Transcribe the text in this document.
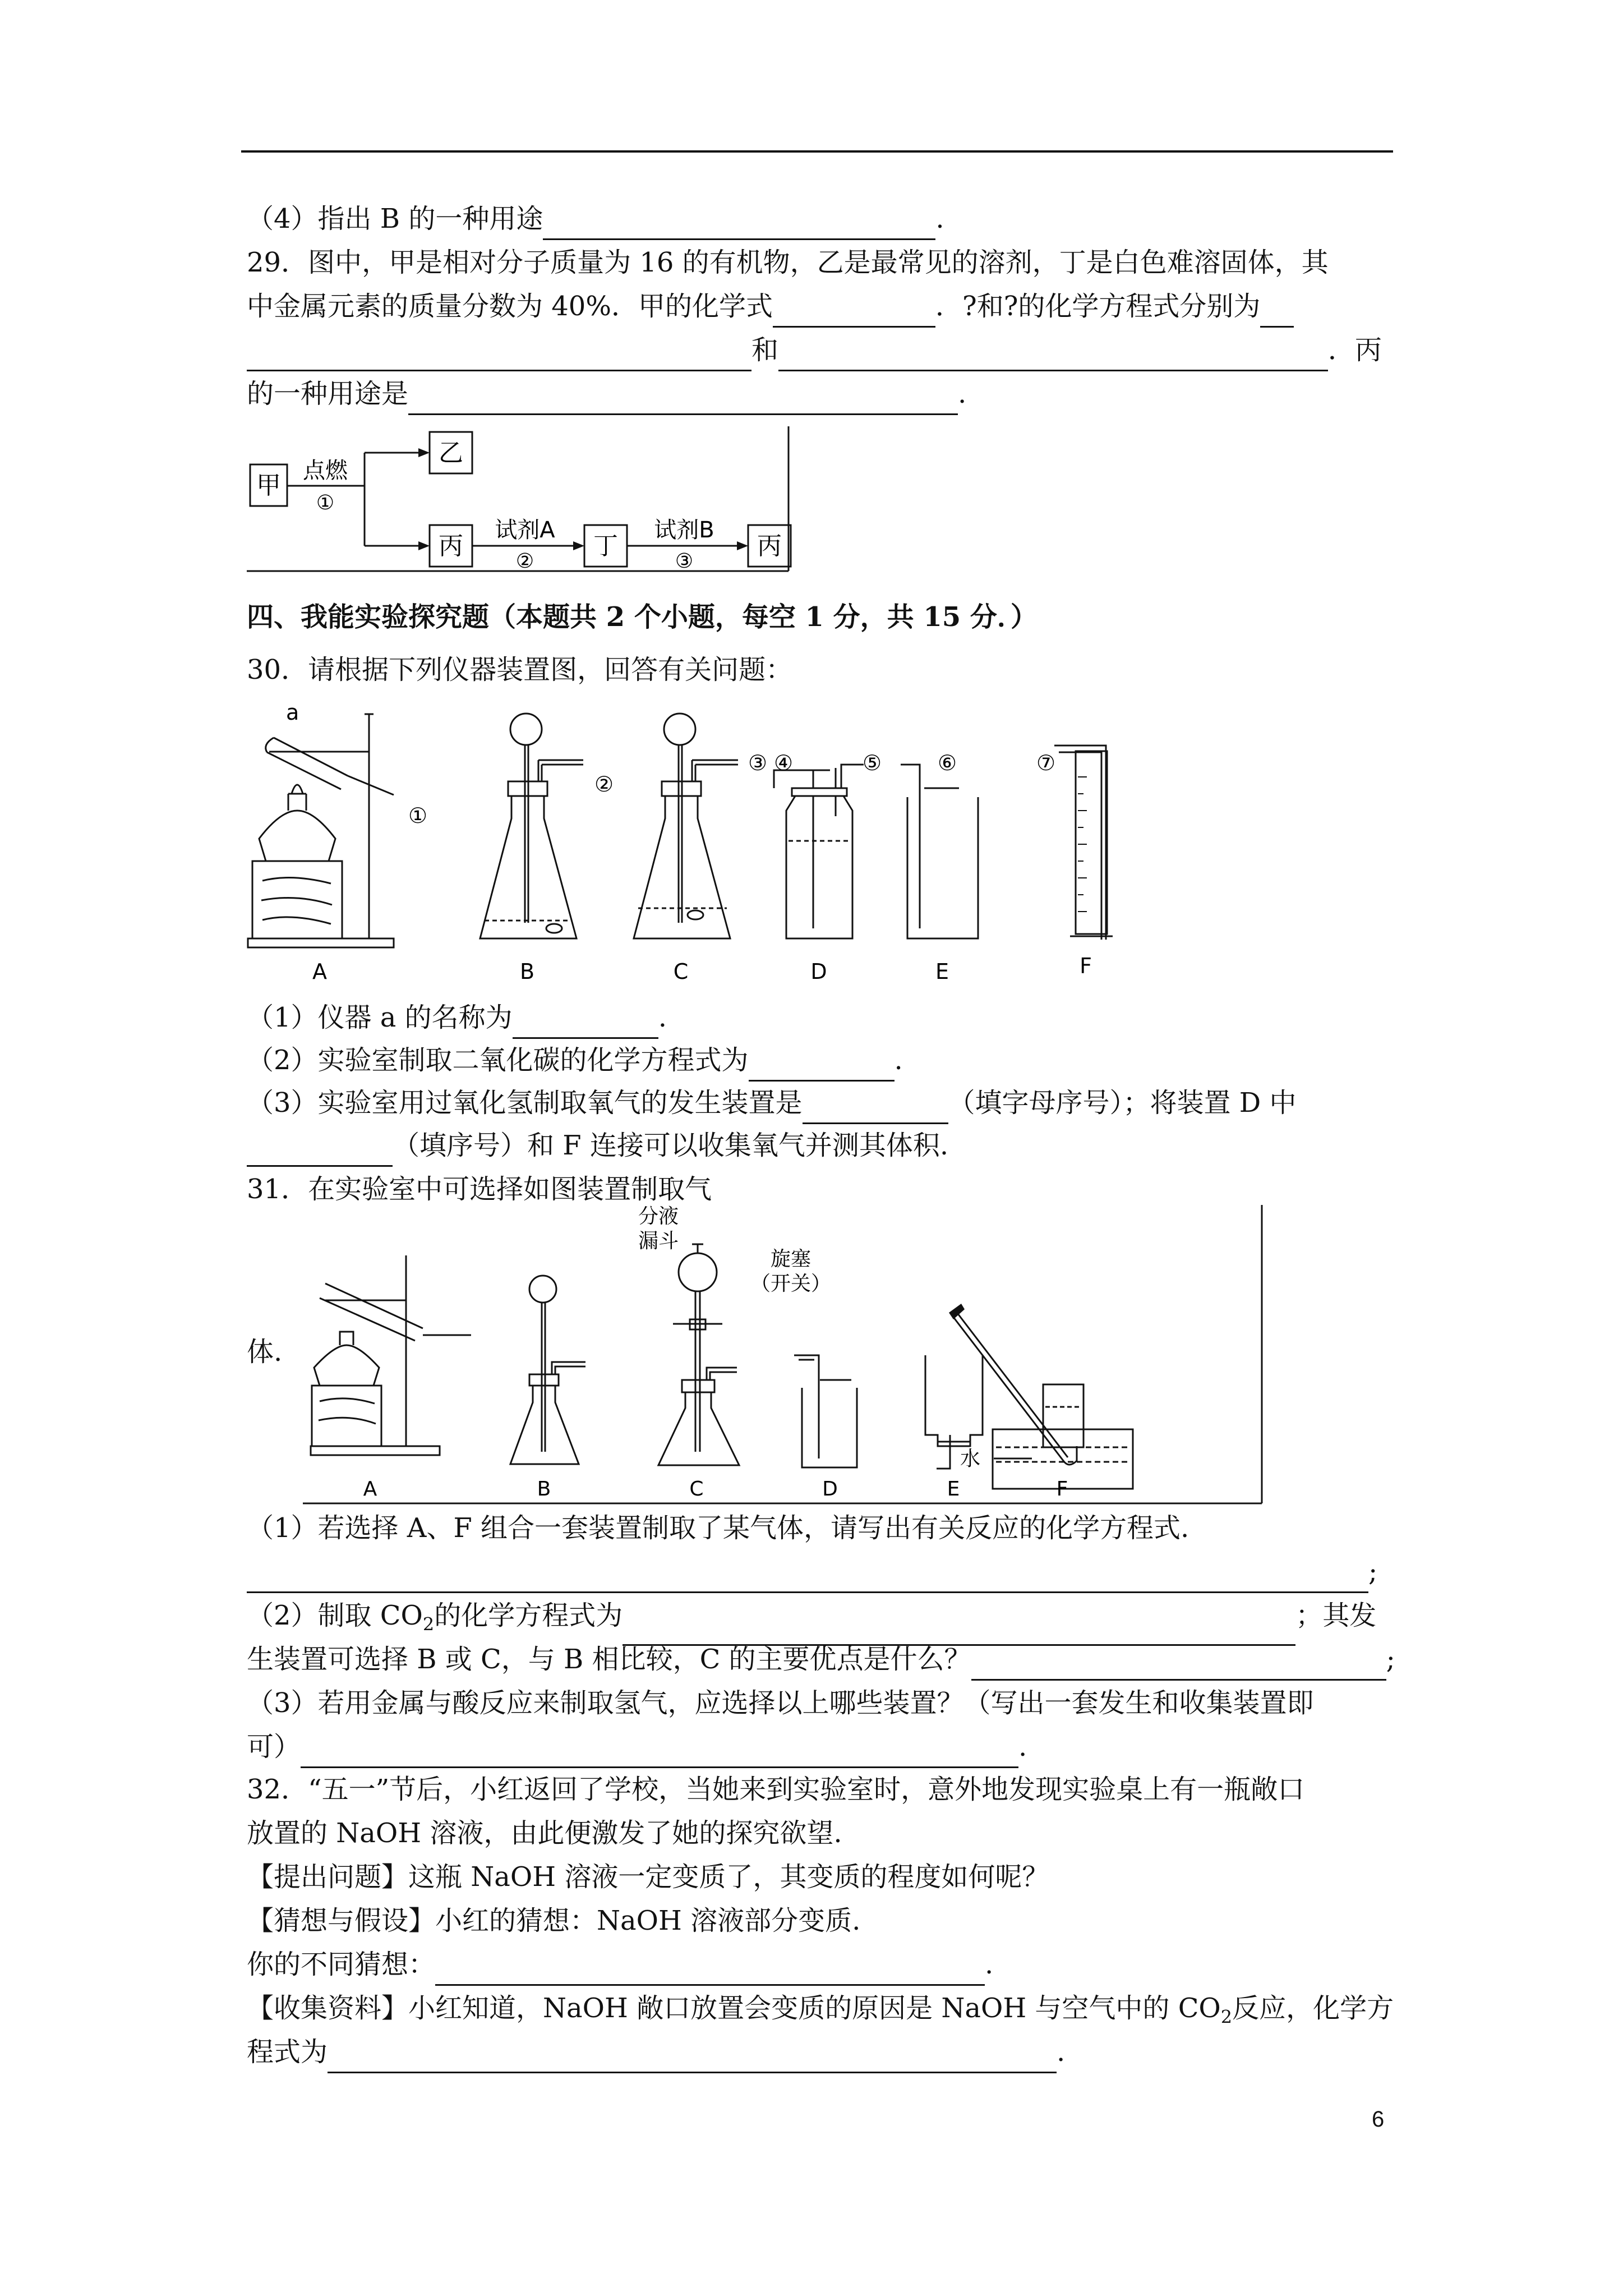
（4）指出 B 的一种用途	.
29．图中，甲是相对分子质量为 16 的有机物，乙是最常见的溶剂，丁是白色难溶固体，其
中金属元素的质量分数为 40%．甲的化学式	．?和?的化学方程式分别为
和	．丙
的一种用途是	.
甲
点燃
①
乙
丙
试剂A
②
丁
试剂B
③
丙
四、我能实验探究题（本题共 2 个小题，每空 1 分，共 15 分．）
30．请根据下列仪器装置图，回答有关问题：
a
①
②
③ ④	⑤	⑥	⑦
A	B	C	D	E	F
（1）仪器 a 的名称为	.
（2）实验室制取二氧化碳的化学方程式为	.
（3）实验室用过氧化氢制取氧气的发生装置是	（填字母序号）；将装置 D 中
（填序号）和 F 连接可以收集氧气并测其体积.
31．在实验室中可选择如图装置制取气
体.
分液
漏斗
旋塞
（开关）
水
A	B	C	D	E	F
（1）若选择 A、F 组合一套装置制取了某气体，请写出有关反应的化学方程式.
;
（2）制取 $CO_2$的化学方程式为	；其发
生装置可选择 B 或 C，与 B 相比较，C 的主要优点是什么？	;
（3）若用金属与酸反应来制取氢气，应选择以上哪些装置？（写出一套发生和收集装置即
可）	.
32．“五一”节后，小红返回了学校，当她来到实验室时，意外地发现实验桌上有一瓶敞口
放置的 NaOH 溶液，由此便激发了她的探究欲望.
【提出问题】这瓶 NaOH 溶液一定变质了，其变质的程度如何呢？
【猜想与假设】小红的猜想：NaOH 溶液部分变质.
你的不同猜想：	.
【收集资料】小红知道，NaOH 敞口放置会变质的原因是 NaOH 与空气中的 $CO_2$反应，化学方
程式为	.
6
